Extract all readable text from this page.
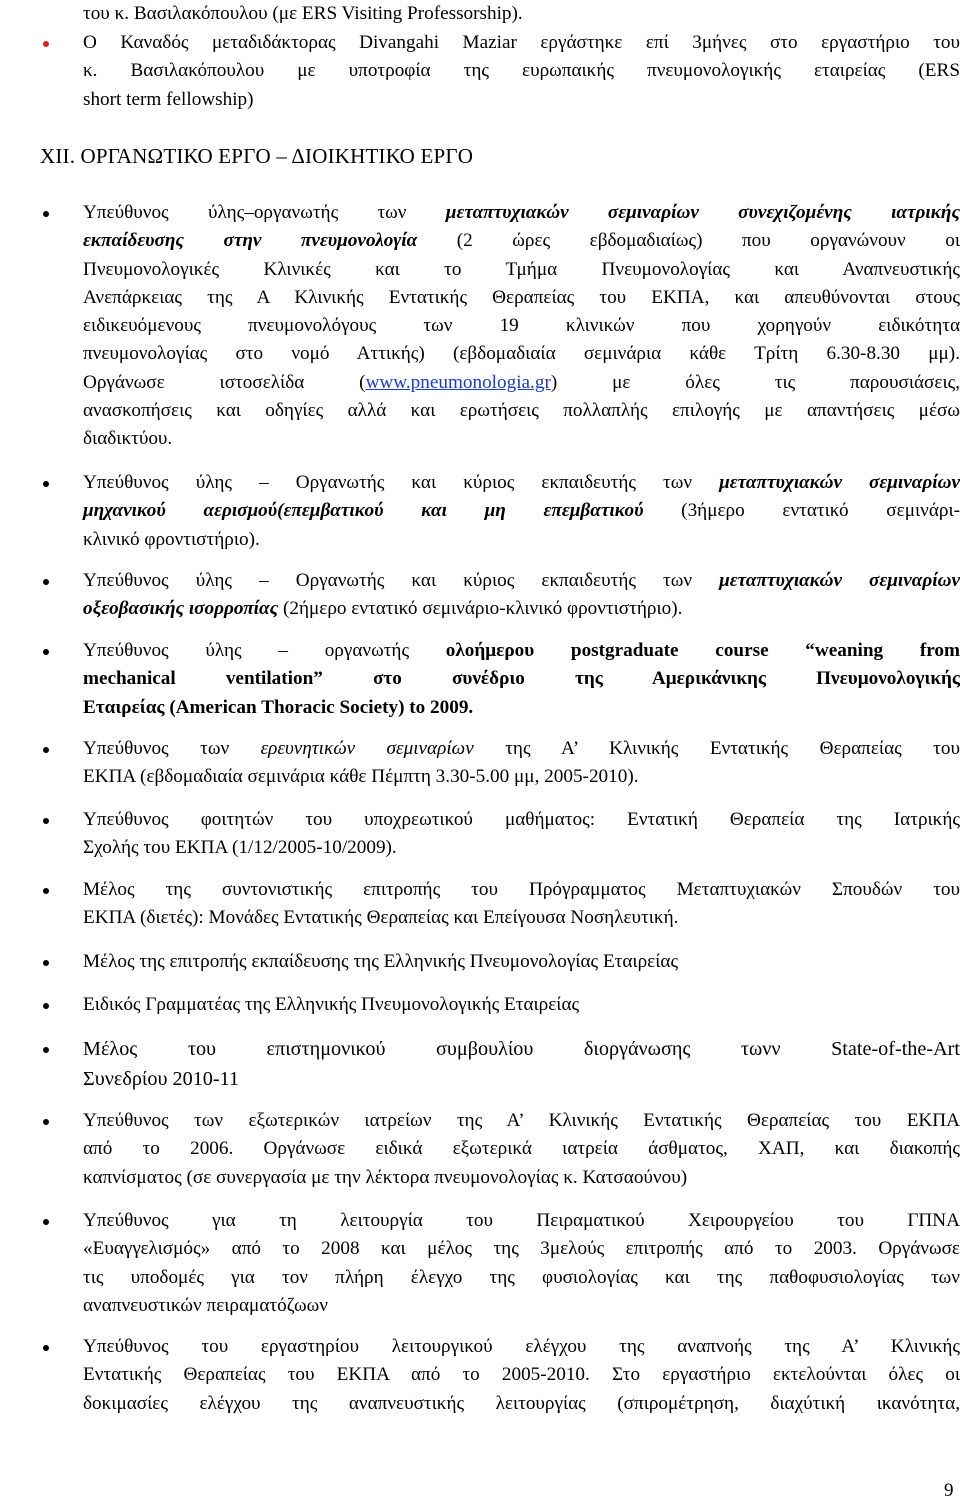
του κ. Βασιλακόπουλου (με ERS Visiting Professorship).
Ο Καναδός μεταδιδάκτορας Divangahi Maziar εργάστηκε επί 3μήνες στο εργαστήριο του
κ. Βασιλακόπουλου με υποτροφία της ευρωπαικής πνευμονολογικής εταιρείας (ERS
short term fellowship)
XII. ΟΡΓΑΝΩΤΙΚΟ ΕΡΓΟ – ΔΙΟΙΚΗΤΙΚΟ ΕΡΓΟ
Υπεύθυνος ύλης–οργανωτής των μεταπτυχιακών σεμιναρίων συνεχιζομένης ιατρικής
εκπαίδευσης στην πνευμονολογία (2 ώρες εβδομαδιαίως) που οργανώνουν οι
Πνευμονολογικές Κλινικές και το Τμήμα Πνευμονολογίας και Αναπνευστικής
Ανεπάρκειας της Α Κλινικής Εντατικής Θεραπείας του ΕΚΠΑ, και απευθύνονται στους
ειδικευόμενους πνευμονολόγους των 19 κλινικών που χορηγούν ειδικότητα
πνευμονολογίας στο νομό Αττικής) (εβδομαδιαία σεμινάρια κάθε Τρίτη 6.30-8.30 μμ).
Οργάνωσε ιστοσελίδα (www.pneumonologia.gr) με όλες τις παρουσιάσεις,
ανασκοπήσεις και οδηγίες αλλά και ερωτήσεις πολλαπλής επιλογής με απαντήσεις μέσω
διαδικτύου.
Υπεύθυνος ύλης – Οργανωτής και κύριος εκπαιδευτής των μεταπτυχιακών σεμιναρίων
μηχανικού αερισμού(επεμβατικού και μη επεμβατικού (3ήμερο εντατικό σεμινάρι-
κλινικό φροντιστήριο).
Υπεύθυνος ύλης – Οργανωτής και κύριος εκπαιδευτής των μεταπτυχιακών σεμιναρίων
οξεοβασικής ισορροπίας (2ήμερο εντατικό σεμινάριο-κλινικό φροντιστήριο).
Υπεύθυνος ύλης – οργανωτής ολοήμερου postgraduate course “weaning from
mechanical ventilation” στο συνέδριο της Αμερικάνικης Πνευμονολογικής
Εταιρείας (American Thoracic Society) to 2009.
Υπεύθυνος των ερευνητικών σεμιναρίων της Α’ Κλινικής Εντατικής Θεραπείας του
ΕΚΠΑ (εβδομαδιαία σεμινάρια κάθε Πέμπτη 3.30-5.00 μμ, 2005-2010).
Υπεύθυνος φοιτητών του υποχρεωτικού μαθήματος: Εντατική Θεραπεία της Ιατρικής
Σχολής του ΕΚΠΑ (1/12/2005-10/2009).
Μέλος της συντονιστικής επιτροπής του Πρόγραμματος Μεταπτυχιακών Σπουδών του
ΕΚΠΑ (διετές): Μονάδες Εντατικής Θεραπείας και Επείγουσα Νοσηλευτική.
Μέλος της επιτροπής εκπαίδευσης της Ελληνικής Πνευμονολογίας Εταιρείας
Ειδικός Γραμματέας της Ελληνικής Πνευμονολογικής Εταιρείας
Μέλος του επιστημονικού συμβουλίου διοργάνωσης τωνν State-of-the-Art
Συνεδρίου 2010-11
Υπεύθυνος των εξωτερικών ιατρείων της Α’ Κλινικής Εντατικής Θεραπείας του ΕΚΠΑ
από το 2006. Οργάνωσε ειδικά εξωτερικά ιατρεία άσθματος, ΧΑΠ, και διακοπής
καπνίσματος (σε συνεργασία με την λέκτορα πνευμονολογίας κ. Κατσαούνου)
Υπεύθυνος για τη λειτουργία του Πειραματικού Χειρουργείου του ΓΠΝΑ
«Ευαγγελισμός» από το 2008 και μέλος της 3μελούς επιτροπής από το 2003. Οργάνωσε
τις υποδομές για τον πλήρη έλεγχο της φυσιολογίας και της παθοφυσιολογίας των
αναπνευστικών πειραματόζωων
Υπεύθυνος του εργαστηρίου λειτουργικού ελέγχου της αναπνοής της Α’ Κλινικής
Εντατικής Θεραπείας του ΕΚΠΑ από το 2005-2010. Στο εργαστήριο εκτελούνται όλες οι
δοκιμασίες ελέγχου της αναπνευστικής λειτουργίας (σπιρομέτρηση, διαχύτική ικανότητα,
9
